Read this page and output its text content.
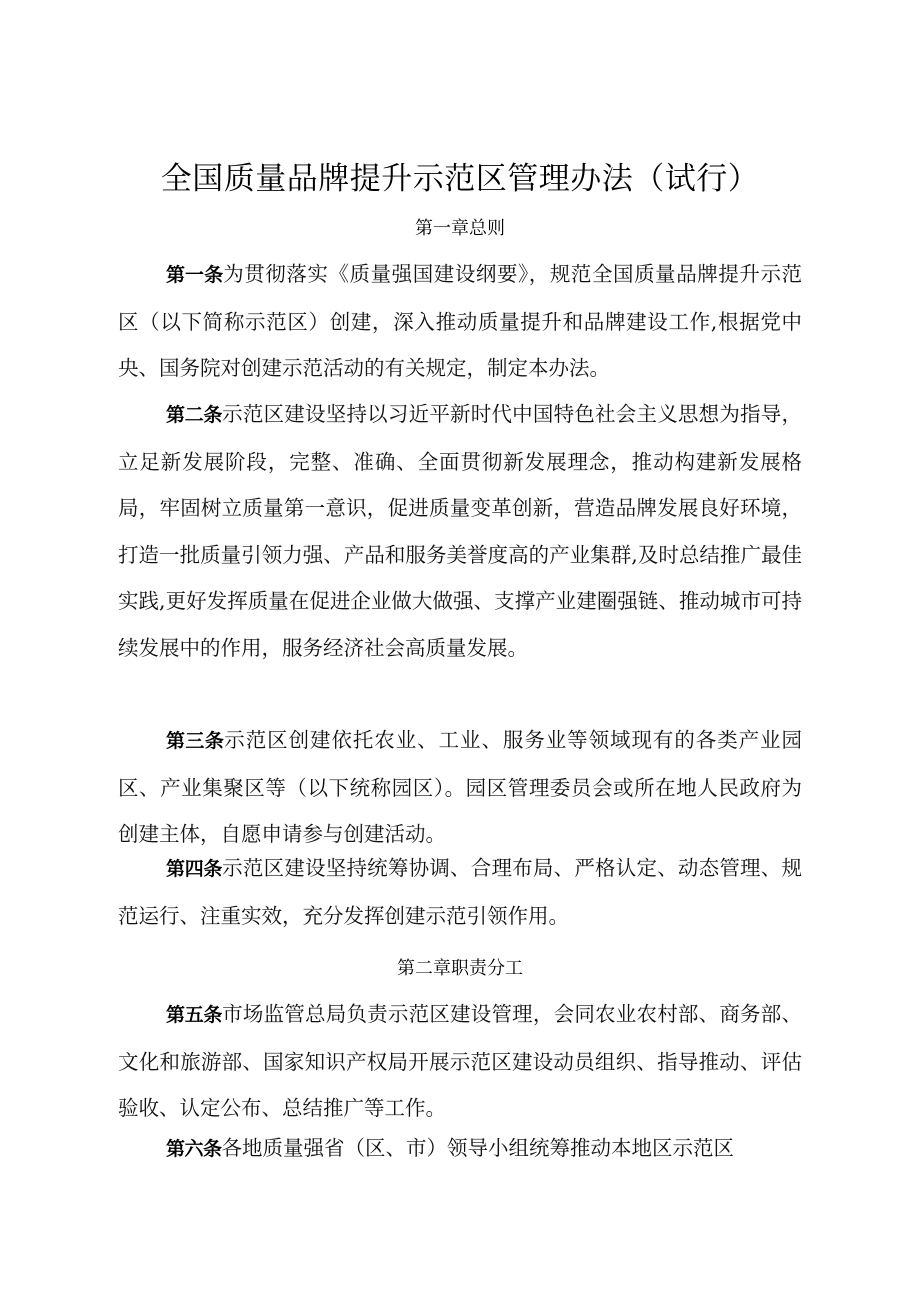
全国质量品牌提升示范区管理办法（试行）
第一章总则

第一条为贯彻落实《质量强国建设纲要》，规范全国质量品牌提升示范区（以下简称示范区）创建，深入推动质量提升和品牌建设工作,根据党中央、国务院对创建示范活动的有关规定，制定本办法。

第二条示范区建设坚持以习近平新时代中国特色社会主义思想为指导，立足新发展阶段，完整、准确、全面贯彻新发展理念，推动构建新发展格局，牢固树立质量第一意识，促进质量变革创新，营造品牌发展良好环境，打造一批质量引领力强、产品和服务美誉度高的产业集群,及时总结推广最佳实践,更好发挥质量在促进企业做大做强、支撑产业建圈强链、推动城市可持续发展中的作用，服务经济社会高质量发展。

第三条示范区创建依托农业、工业、服务业等领域现有的各类产业园区、产业集聚区等（以下统称园区）。园区管理委员会或所在地人民政府为创建主体，自愿申请参与创建活动。

第四条示范区建设坚持统筹协调、合理布局、严格认定、动态管理、规范运行、注重实效，充分发挥创建示范引领作用。

第二章职责分工

第五条市场监管总局负责示范区建设管理，会同农业农村部、商务部、文化和旅游部、国家知识产权局开展示范区建设动员组织、指导推动、评估验收、认定公布、总结推广等工作。

第六条各地质量强省（区、市）领导小组统筹推动本地区示范区
